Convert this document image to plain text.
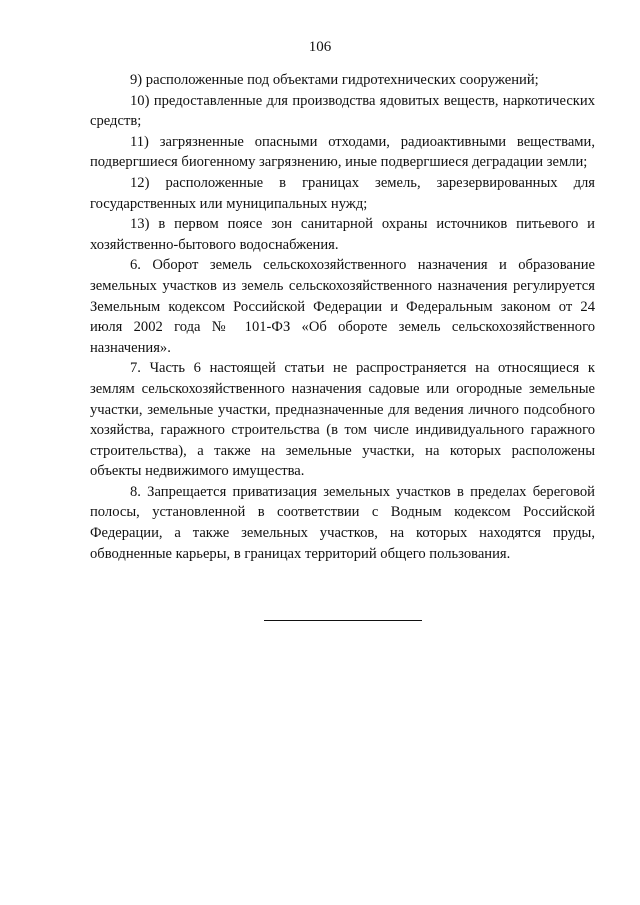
106

9) расположенные под объектами гидротехнических сооружений;

10) предоставленные для производства ядовитых веществ, наркотических средств;

11) загрязненные опасными отходами, радиоактивными веществами, подвергшиеся биогенному загрязнению, иные подвергшиеся деградации земли;

12) расположенные в границах земель, зарезервированных для государственных или муниципальных нужд;

13) в первом поясе зон санитарной охраны источников питьевого и хозяйственно-бытового водоснабжения.

6. Оборот земель сельскохозяйственного назначения и образование земельных участков из земель сельскохозяйственного назначения регулируется Земельным кодексом Российской Федерации и Федеральным законом от 24 июля 2002 года № 101-ФЗ «Об обороте земель сельскохозяйственного назначения».

7. Часть 6 настоящей статьи не распространяется на относящиеся к землям сельскохозяйственного назначения садовые или огородные земельные участки, земельные участки, предназначенные для ведения личного подсобного хозяйства, гаражного строительства (в том числе индивидуального гаражного строительства), а также на земельные участки, на которых расположены объекты недвижимого имущества.

8. Запрещается приватизация земельных участков в пределах береговой полосы, установленной в соответствии с Водным кодексом Российской Федерации, а также земельных участков, на которых находятся пруды, обводненные карьеры, в границах территорий общего пользования.
